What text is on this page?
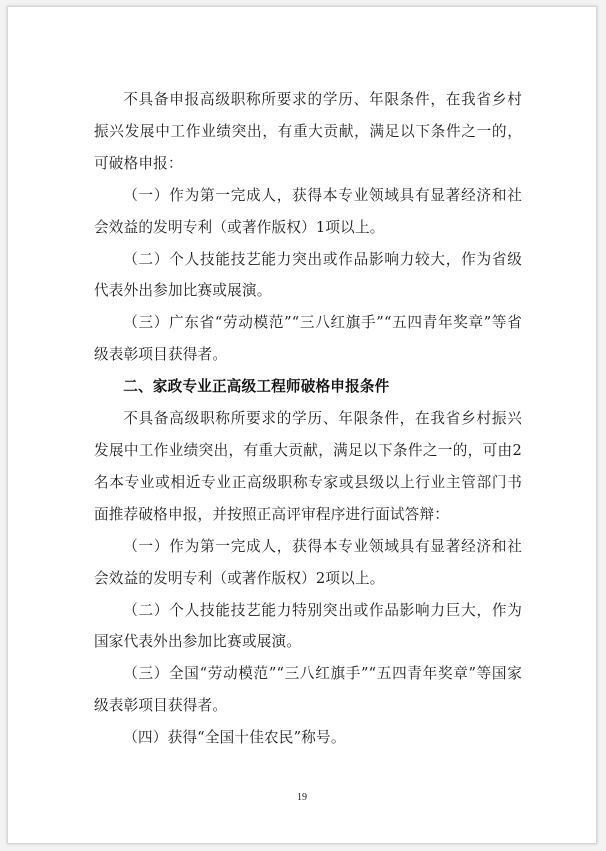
不具备申报高级职称所要求的学历、年限条件，在我省乡村振兴发展中工作业绩突出，有重大贡献，满足以下条件之一的，可破格申报：

（一）作为第一完成人，获得本专业领域具有显著经济和社会效益的发明专利（或著作版权）1项以上。

（二）个人技能技艺能力突出或作品影响力较大，作为省级代表外出参加比赛或展演。

（三）广东省“劳动模范”“三八红旗手”“五四青年奖章”等省级表彰项目获得者。

二、家政专业正高级工程师破格申报条件

不具备高级职称所要求的学历、年限条件，在我省乡村振兴发展中工作业绩突出，有重大贡献，满足以下条件之一的，可由2名本专业或相近专业正高级职称专家或县级以上行业主管部门书面推荐破格申报，并按照正高评审程序进行面试答辩：

（一）作为第一完成人，获得本专业领域具有显著经济和社会效益的发明专利（或著作版权）2项以上。

（二）个人技能技艺能力特别突出或作品影响力巨大，作为国家代表外出参加比赛或展演。

（三）全国“劳动模范”“三八红旗手”“五四青年奖章”等国家级表彰项目获得者。

（四）获得“全国十佳农民”称号。

19
